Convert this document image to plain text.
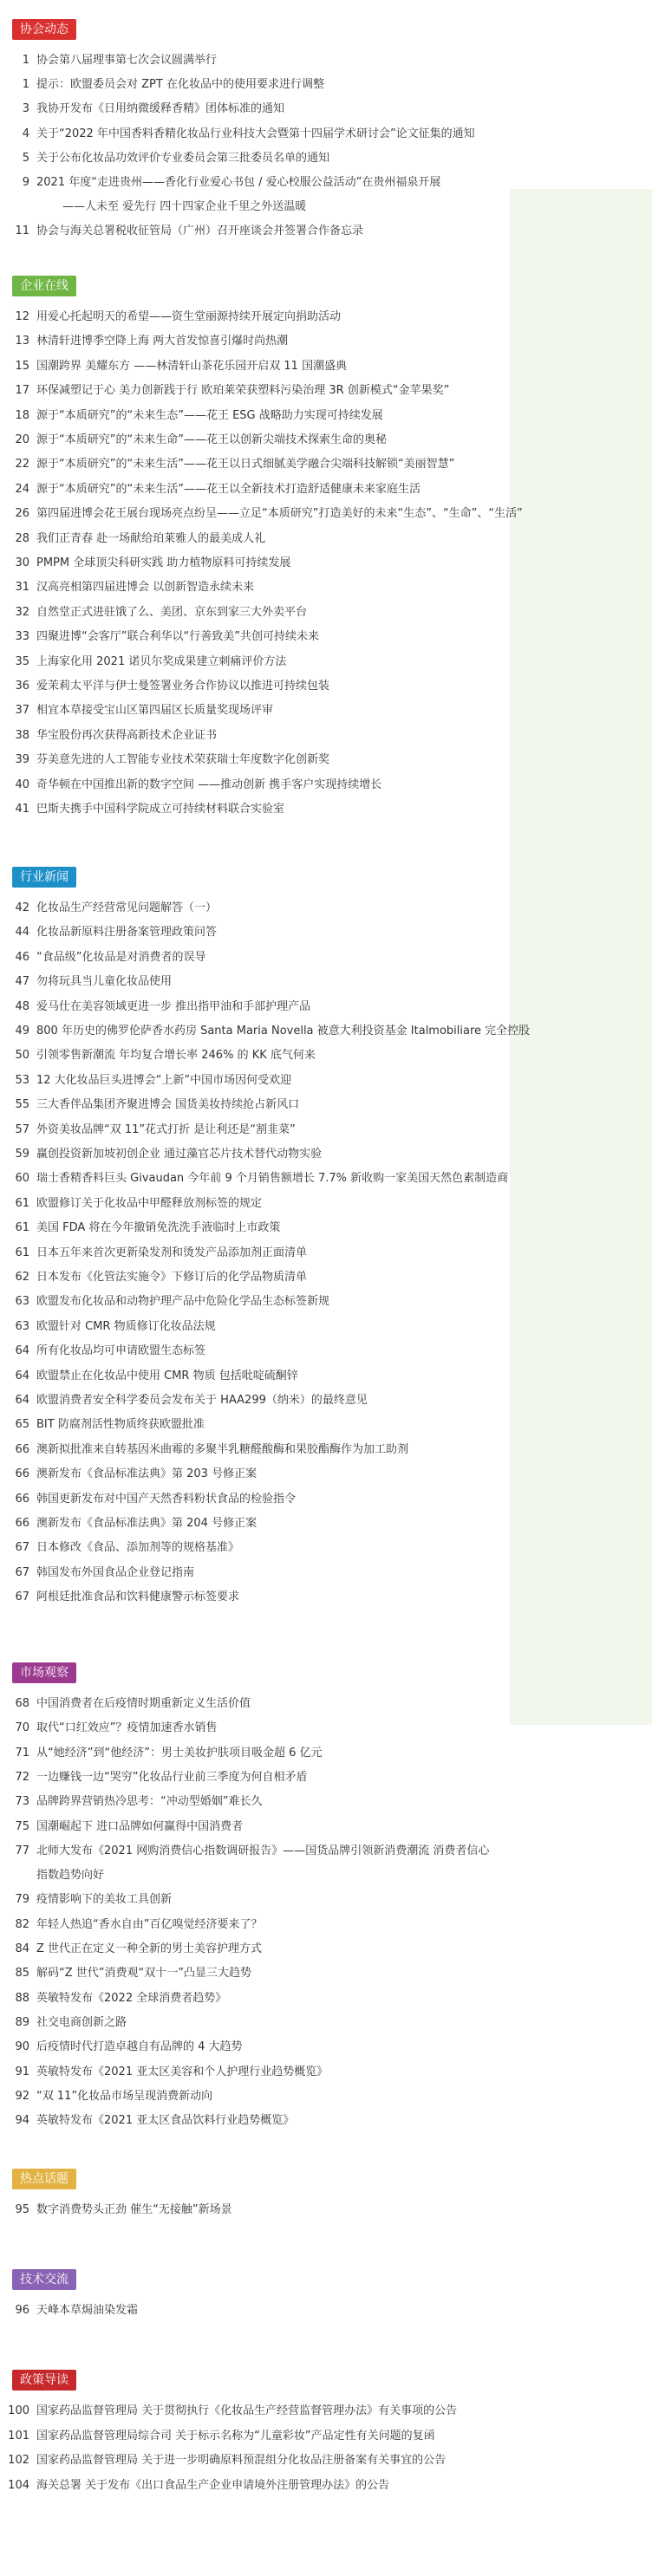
协会动态
1 协会第八届理事第七次会议圆满举行
1 提示：欧盟委员会对 ZPT 在化妆品中的使用要求进行调整
3 我协开发布《日用纳微缓释香精》团体标准的通知
4 关于“2022 年中国香料香精化妆品行业科技大会暨第十四届学术研讨会”论文征集的通知
5 关于公布化妆品功效评价专业委员会第三批委员名单的通知
9 2021 年度“走进贵州——香化行业爱心书包 / 爱心校服公益活动”在贵州福泉开展
——人未至 爱先行 四十四家企业千里之外送温暖
11 协会与海关总署税收征管局（广州）召开座谈会并签署合作备忘录
企业在线
12 用爱心托起明天的希望——资生堂丽源持续开展定向捐助活动
13 林清轩进博季空降上海 两大首发惊喜引爆时尚热潮
15 国潮跨界 美耀东方 ——林清轩山茶花乐园开启双 11 国潮盛典
17 环保减塑记于心 美力创新践于行 欧珀莱荣获塑料污染治理 3R 创新模式“金苹果奖”
18 源于“本质研究”的“未来生态”——花王 ESG 战略助力实现可持续发展
20 源于“本质研究”的“未来生命”——花王以创新尖端技术探索生命的奥秘
22 源于“本质研究”的“未来生活”——花王以日式细腻美学融合尖端科技解锁“美丽智慧”
24 源于“本质研究”的“未来生活”——花王以全新技术打造舒适健康未来家庭生活
26 第四届进博会花王展台现场亮点纷呈——立足“本质研究”打造美好的未来“生态”、“生命”、“生活”
28 我们正青春 赴一场献给珀莱雅人的最美成人礼
30 PMPM 全球顶尖科研实践 助力植物原料可持续发展
31 汉高亮相第四届进博会 以创新智造永续未来
32 自然堂正式进驻饿了么、美团、京东到家三大外卖平台
33 四聚进博“会客厅”联合利华以“行善致美”共创可持续未来
35 上海家化用 2021 诺贝尔奖成果建立刺痛评价方法
36 爱茉莉太平洋与伊士曼签署业务合作协议以推进可持续包装
37 相宜本草接受宝山区第四届区长质量奖现场评审
38 华宝股份再次获得高新技术企业证书
39 芬美意先进的人工智能专业技术荣获瑞士年度数字化创新奖
40 奇华顿在中国推出新的数字空间 ——推动创新 携手客户实现持续增长
41 巴斯夫携手中国科学院成立可持续材料联合实验室
行业新闻
42 化妆品生产经营常见问题解答（一）
44 化妆品新原料注册备案管理政策问答
46 “食品级”化妆品是对消费者的误导
47 勿将玩具当儿童化妆品使用
48 爱马仕在美容领域更进一步 推出指甲油和手部护理产品
49 800 年历史的佛罗伦萨香水药房 Santa Maria Novella 被意大利投资基金 Italmobiliare 完全控股
50 引领零售新潮流 年均复合增长率 246% 的 KK 底气何来
53 12 大化妆品巨头进博会“上新”中国市场因何受欢迎
55 三大香伴品集团齐聚进博会 国货美妆持续抢占新风口
57 外资美妆品牌“双 11”花式打折 是让利还是“割韭菜”
59 赢创投资新加坡初创企业 通过藻官芯片技术替代动物实验
60 瑞士香精香料巨头 Givaudan 今年前 9 个月销售额增长 7.7% 新收购一家美国天然色素制造商
61 欧盟修订关于化妆品中甲醛释放剂标签的规定
61 美国 FDA 将在今年撤销免洗洗手液临时上市政策
61 日本五年来首次更新染发剂和烫发产品添加剂正面清单
62 日本发布《化管法实施令》下修订后的化学品物质清单
63 欧盟发布化妆品和动物护理产品中危险化学品生态标签新规
63 欧盟针对 CMR 物质修订化妆品法规
64 所有化妆品均可申请欧盟生态标签
64 欧盟禁止在化妆品中使用 CMR 物质 包括吡啶硫酮锌
64 欧盟消费者安全科学委员会发布关于 HAA299（纳米）的最终意见
65 BIT 防腐剂活性物质终获欧盟批准
66 澳新拟批准来自转基因米曲霉的多聚半乳糖醛酸酶和果胶酯酶作为加工助剂
66 澳新发布《食品标准法典》第 203 号修正案
66 韩国更新发布对中国产天然香料粉状食品的检验指令
66 澳新发布《食品标准法典》第 204 号修正案
67 日本修改《食品、添加剂等的规格基准》
67 韩国发布外国食品企业登记指南
67 阿根廷批准食品和饮料健康警示标签要求
市场观察
68 中国消费者在后疫情时期重新定义生活价值
70 取代“口红效应”？疫情加速香水销售
71 从“她经济”到“他经济”：男士美妆护肤项目吸金超 6 亿元
72 一边赚钱一边“哭穷”化妆品行业前三季度为何自相矛盾
73 品牌跨界营销热冷思考：“冲动型婚姻”难长久
75 国潮崛起下 进口品牌如何赢得中国消费者
77 北师大发布《2021 网购消费信心指数调研报告》——国货品牌引领新消费潮流 消费者信心
指数趋势向好
79 疫情影响下的美妆工具创新
82 年轻人热追“香水自由”百亿嗅觉经济要来了？
84 Z 世代正在定义一种全新的男士美容护理方式
85 解码“Z 世代”消费观“双十一”凸显三大趋势
88 英敏特发布《2022 全球消费者趋势》
89 社交电商创新之路
90 后疫情时代打造卓越自有品牌的 4 大趋势
91 英敏特发布《2021 亚太区美容和个人护理行业趋势概览》
92 “双 11”化妆品市场呈现消费新动向
94 英敏特发布《2021 亚太区食品饮料行业趋势概览》
热点话题
95 数字消费势头正劲 催生“无接触”新场景
技术交流
96 天峰本草焗油染发霜
政策导读
100 国家药品监督管理局 关于贯彻执行《化妆品生产经营监督管理办法》有关事项的公告
101 国家药品监督管理局综合司 关于标示名称为“儿童彩妆”产品定性有关问题的复函
102 国家药品监督管理局 关于进一步明确原料预混组分化妆品注册备案有关事宜的公告
104 海关总署 关于发布《出口食品生产企业申请境外注册管理办法》的公告
